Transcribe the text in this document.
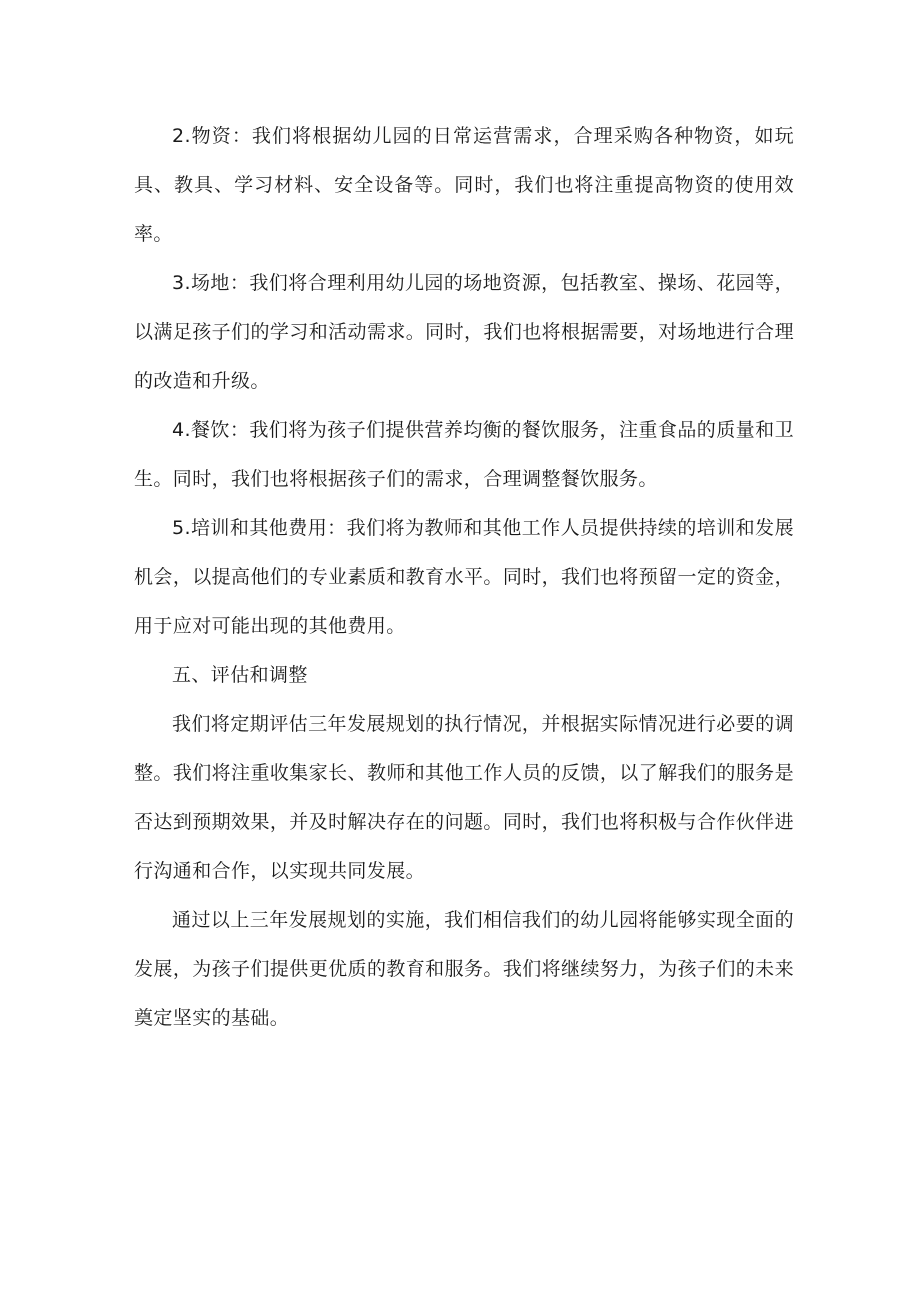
2.物资：我们将根据幼儿园的日常运营需求，合理采购各种物资，如玩具、教具、学习材料、安全设备等。同时，我们也将注重提高物资的使用效率。

3.场地：我们将合理利用幼儿园的场地资源，包括教室、操场、花园等，以满足孩子们的学习和活动需求。同时，我们也将根据需要，对场地进行合理的改造和升级。

4.餐饮：我们将为孩子们提供营养均衡的餐饮服务，注重食品的质量和卫生。同时，我们也将根据孩子们的需求，合理调整餐饮服务。

5.培训和其他费用：我们将为教师和其他工作人员提供持续的培训和发展机会，以提高他们的专业素质和教育水平。同时，我们也将预留一定的资金，用于应对可能出现的其他费用。

五、评估和调整

我们将定期评估三年发展规划的执行情况，并根据实际情况进行必要的调整。我们将注重收集家长、教师和其他工作人员的反馈，以了解我们的服务是否达到预期效果，并及时解决存在的问题。同时，我们也将积极与合作伙伴进行沟通和合作，以实现共同发展。

通过以上三年发展规划的实施，我们相信我们的幼儿园将能够实现全面的发展，为孩子们提供更优质的教育和服务。我们将继续努力，为孩子们的未来奠定坚实的基础。
